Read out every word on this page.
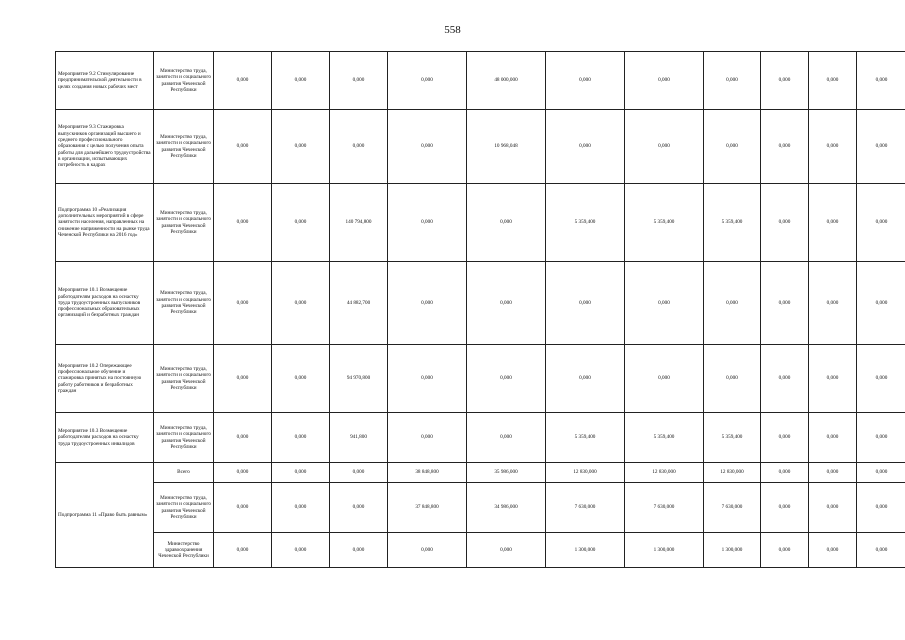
558
Мероприятие 9.2 Стимулирование предпринимательской деятельности в целях создания новых рабочих мест	Министерство труда, занятости и социального развития Чеченской Республики	0,000	0,000	0,000	0,000	48 000,000	0,000	0,000	0,000	0,000	0,000	0,000
Мероприятие 9.3 Стажировка выпускников организаций высшего и среднего профессионального образования с целью получения опыта работы для дальнейшего трудоустройства в организации, испытывающих потребность в кадрах	Министерство труда, занятости и социального развития Чеченской Республики	0,000	0,000	0,000	0,000	10 968,048	0,000	0,000	0,000	0,000	0,000	0,000
Подпрограмма 10 «Реализация дополнительных мероприятий в сфере занятости населения, направленных на снижение напряженности на рынке труда Чеченской Республики на 2016 год»	Министерство труда, занятости и социального развития Чеченской Республики	0,000	0,000	140 794,800	0,000	0,000	5 359,400	5 359,400	5 359,400	0,000	0,000	0,000
Мероприятие 10.1 Возмещение работодателям расходов на оснастку труда трудоустроенных выпускников профессиональных образовательных организаций и безработных граждан	Министерство труда, занятости и социального развития Чеченской Республики	0,000	0,000	44 882,700	0,000	0,000	0,000	0,000	0,000	0,000	0,000	0,000
Мероприятие 10.2 Опережающее профессиональное обучение и стажировка принятых на постоянную работу работников и безработных граждан	Министерство труда, занятости и социального развития Чеченской Республики	0,000	0,000	94 970,800	0,000	0,000	0,000	0,000	0,000	0,000	0,000	0,000
Мероприятие 10.3 Возмещение работодателям расходов на оснастку труда трудоустроенных инвалидов	Министерство труда, занятости и социального развития Чеченской Республики	0,000	0,000	941,800	0,000	0,000	5 359,400	5 359,400	5 359,400	0,000	0,000	0,000
Подпрограмма 11 «Право быть равным»	Всего	0,000	0,000	0,000	38 848,800	35 986,000	12 830,000	12 830,000	12 830,000	0,000	0,000	0,000
	Министерство труда, занятости и социального развития Чеченской Республики	0,000	0,000	0,000	37 848,800	34 986,000	7 630,000	7 630,000	7 630,000	0,000	0,000	0,000
	Министерство здравоохранения Чеченской Республики	0,000	0,000	0,000	0,000	0,000	1 300,000	1 300,000	1 300,000	0,000	0,000	0,000
